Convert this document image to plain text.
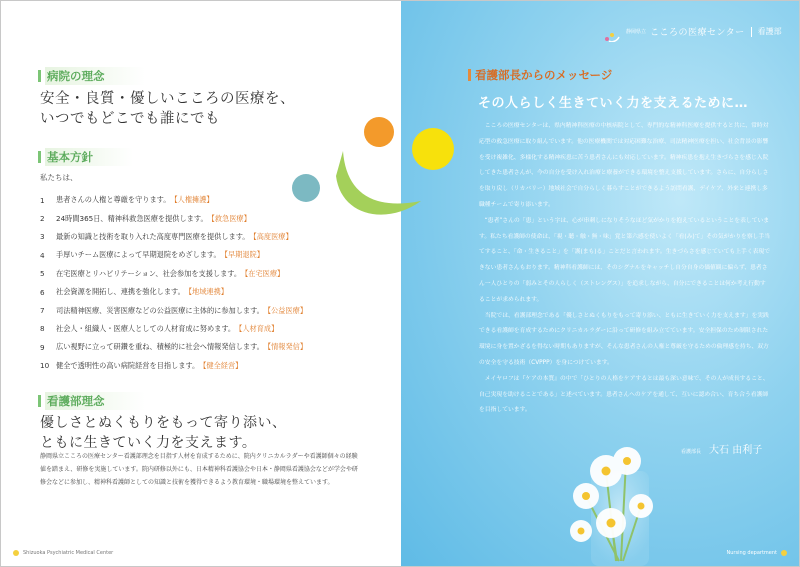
病院の理念
安全・良質・優しいこころの医療を、
いつでもどこでも誰にでも
基本方針
私たちは、
1	患者さんの人権と尊厳を守ります。 【人権擁護】
2	24時間365日、精神科救急医療を提供します。 【救急医療】
3	最新の知識と技術を取り入れた高度専門医療を提供します。 【高度医療】
4	手厚いチーム医療によって早期退院をめざします。 【早期退院】
5	在宅医療とリハビリテーション、社会参加を支援します。 【在宅医療】
6	社会資源を開拓し、連携を強化します。 【地域連携】
7	司法精神医療、災害医療などの公益医療に主体的に参加します。 【公益医療】
8	社会人・組織人・医療人としての人材育成に努めます。 【人材育成】
9	広い視野に立って研鑽を重ね、積極的に社会へ情報発信します。 【情報発信】
10 健全で透明性の高い病院経営を目指します。 【健全経営】
看護部理念
優しさとぬくもりをもって寄り添い、
ともに生きていく力を支えます。
静岡県立こころの医療センター看護部理念を目指す人材を育成するために、院内クリニカルラダーや看護師個々の経験値を踏まえ、研修を実施しています。院内研修以外にも、日本精神科看護協会や日本・静岡県看護協会などが学会や研修会などに参加し、精神科看護師としての知識と技術を獲得できるよう教育環境・職場環境を整えています。
Shizuoka Psychiatric Medical Center
静岡県立 こころの医療センター 看護部
看護部長からのメッセージ
その人らしく生きていく力を支えるために…

こころの医療センターは、県内精神科医療の中核病院として、専門的な精神科医療を提供すると共に、常時対応型の救急医療に取り組んでいます。他の医療機関では対応困難な治療、司法精神医療を担い、社会背景の影響を受け複雑化、多様化する精神疾患に苦う患者さんにも対応しています。精神疾患を抱え生きづらさを感じ入院してきた患者さんが、今の自分を受け入れ治療と療養ができる環境を整え支援しています。さらに、自分らしさを取り戻し（リカバリー）地域社会で自分らしく暮らすことができるよう訪問看護、デイケア、外来と連携し多職種チームで寄り添います。

“患者”さんの「患」という字は、心が串刺しになりそうなほど気がかりを抱えているということを表しています。私たち看護師の使命は、「視・聴・触・無・味」覚と第六感を使いよく「看(み)て」その気がかりを察し手当てすること、「命・生きること」を「護(まも)る」ことだと言われます。生きづらさを感じていても上手く表現できない患者さんもおります。精神科看護師には、そのシグナルをキャッチし自分自身の価値観に偏らず、患者さん一人ひとりの「弱みとその人らしく（ストレングス）」を追求しながら、自分にできることは何か考え行動することが求められます。

当院では、看護部理念である「優しさとぬくもりをもって寄り添い、ともに生きていく力を支えます」を実践できる看護師を育成するためにクリニカルラダーに沿って研修を組み立てています。安全担保のため制限された環境に身を置かざるを得ない時期もありますが、そんな患者さんの人権と尊厳を守るための倫理感を持ち、双方の安全を守る技術（CVPPP）を身につけています。

メイヤロフは『ケアの本質』の中で「ひとりの人格をケアするとは最も深い意味で、その人が成長すること、自己実現を助けることである」と述べています。患者さんへのケアを通して、互いに認め合い、育ち合う看護師を目指しています。

看護部長 大石 由利子
Nursing department
